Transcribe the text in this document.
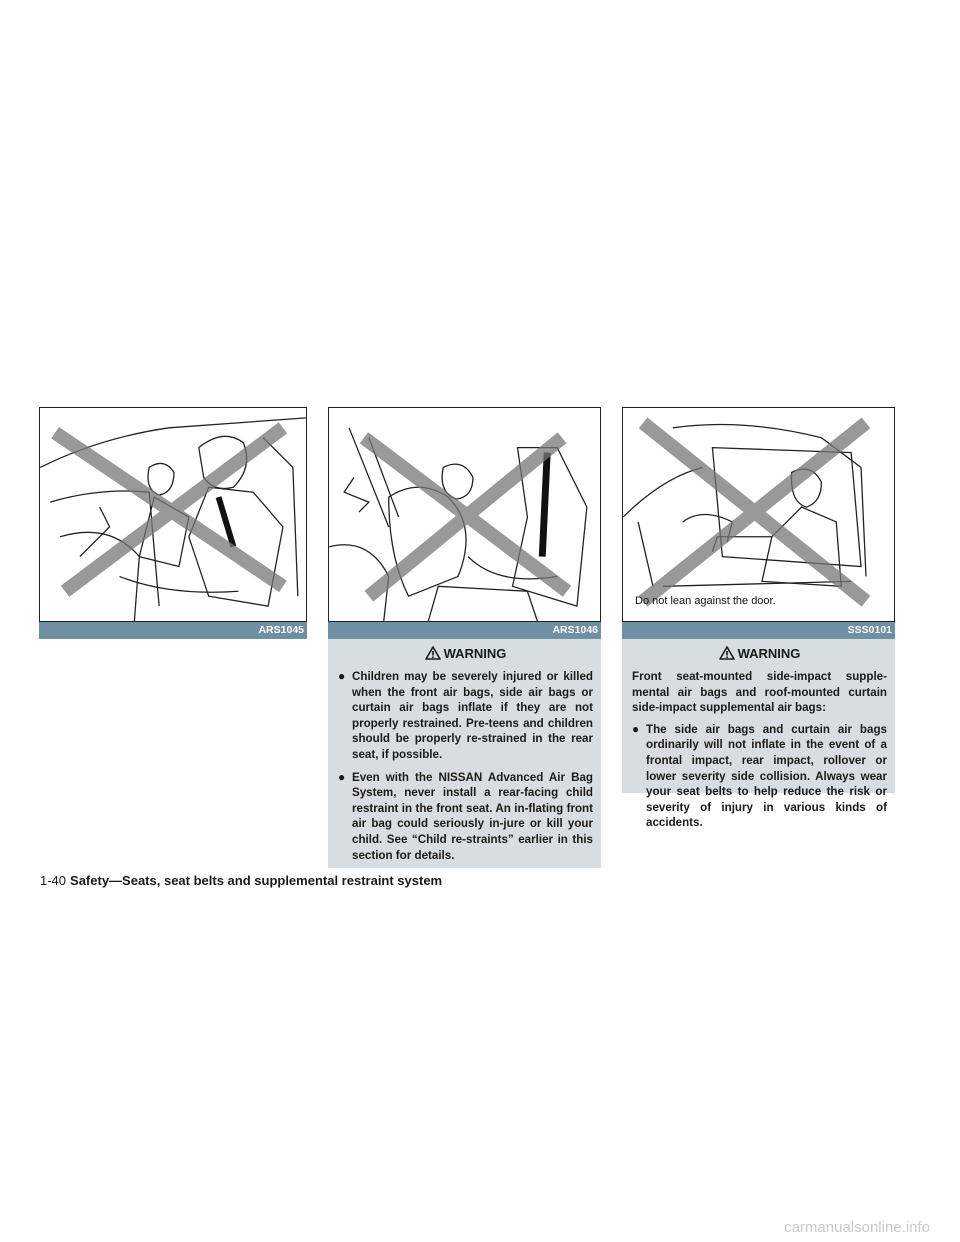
ARS1045	ARS1046
Do not lean against the door.
SSS0101
WARNING
● Children may be severely injured or killed when the front air bags, side air bags or curtain air bags inflate if they are not properly restrained. Pre-teens and children should be properly re-strained in the rear seat, if possible.
● Even with the NISSAN Advanced Air Bag System, never install a rear-facing child restraint in the front seat. An in-flating front air bag could seriously in-jure or kill your child. See “Child re-straints” earlier in this section for details.
WARNING

Front seat-mounted side-impact supple-mental air bags and roof-mounted curtain side-impact supplemental air bags:

● The side air bags and curtain air bags ordinarily will not inflate in the event of a frontal impact, rear impact, rollover or lower severity side collision. Always wear your seat belts to help reduce the risk or severity of injury in various kinds of accidents.
1-40 Safety—Seats, seat belts and supplemental restraint system
carmanualsonline.info
